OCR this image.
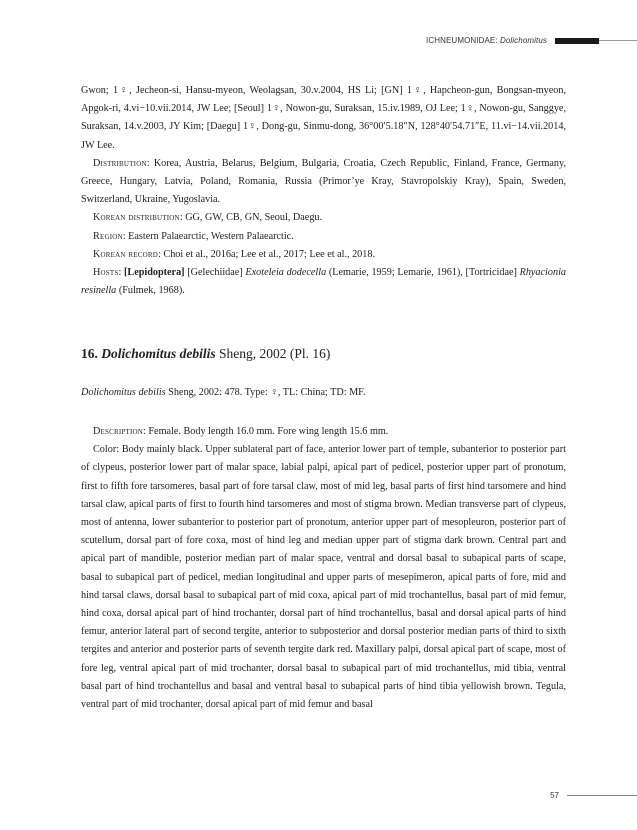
ICHNEUMONIDAE: Dolichomitus

Gwon; 1♀, Jecheon-si, Hansu-myeon, Weolagsan, 30.v.2004, HS Li; [GN] 1♀, Hapcheon-gun, Bongsan-myeon, Apgok-ri, 4.vi−10.vii.2014, JW Lee; [Seoul] 1♀, Nowon-gu, Suraksan, 15.iv.1989, OJ Lee; 1♀, Nowon-gu, Sanggye, Suraksan, 14.v.2003, JY Kim; [Daegu] 1♀, Dong-gu, Sinmu-dong, 36°00′5.18″N, 128°40′54.71″E, 11.vi−14.vii.2014, JW Lee.

Distribution: Korea, Austria, Belarus, Belgium, Bulgaria, Croatia, Czech Republic, Finland, France, Germany, Greece, Hungary, Latvia, Poland, Romania, Russia (Primor’ye Kray, Stavropolskiy Kray), Spain, Sweden, Switzerland, Ukraine, Yugoslavia.

Korean distribution: GG, GW, CB, GN, Seoul, Daegu.

Region: Eastern Palaearctic, Western Palaearctic.

Korean record: Choi et al., 2016a; Lee et al., 2017; Lee et al., 2018.

Hosts: [Lepidoptera] [Gelechiidae] Exoteleia dodecella (Lemarie, 1959; Lemarie, 1961), [Tortricidae] Rhyacionia resinella (Fulmek, 1968).

16. Dolichomitus debilis Sheng, 2002 (Pl. 16)

Dolichomitus debilis Sheng, 2002: 478. Type: ♀, TL: China; TD: MF.

Description: Female. Body length 16.0 mm. Fore wing length 15.6 mm.

Color: Body mainly black. Upper sublateral part of face, anterior lower part of temple, subanterior to posterior part of clypeus, posterior lower part of malar space, labial palpi, apical part of pedicel, posterior upper part of pronotum, first to fifth fore tarsomeres, basal part of fore tarsal claw, most of mid leg, basal parts of first hind tarsomere and hind tarsal claw, apical parts of first to fourth hind tarsomeres and most of stigma brown. Median transverse part of clypeus, most of antenna, lower subanterior to posterior part of pronotum, anterior upper part of mesopleuron, posterior part of scutellum, dorsal part of fore coxa, most of hind leg and median upper part of stigma dark brown. Central part and apical part of mandible, posterior median part of malar space, ventral and dorsal basal to subapical parts of scape, basal to subapical part of pedicel, median longitudinal and upper parts of mesepimeron, apical parts of fore, mid and hind tarsal claws, dorsal basal to subapical part of mid coxa, apical part of mid trochantellus, basal part of mid femur, hind coxa, dorsal apical part of hind trochanter, dorsal part of hind trochantellus, basal and dorsal apical parts of hind femur, anterior lateral part of second tergite, anterior to subposterior and dorsal posterior median parts of third to sixth tergites and anterior and posterior parts of seventh tergite dark red. Maxillary palpi, dorsal apical part of scape, most of fore leg, ventral apical part of mid trochanter, dorsal basal to subapical part of mid trochantellus, mid tibia, ventral basal part of hind trochantellus and basal and ventral basal to subapical parts of hind tibia yellowish brown. Tegula, ventral part of mid trochanter, dorsal apical part of mid femur and basal

57
